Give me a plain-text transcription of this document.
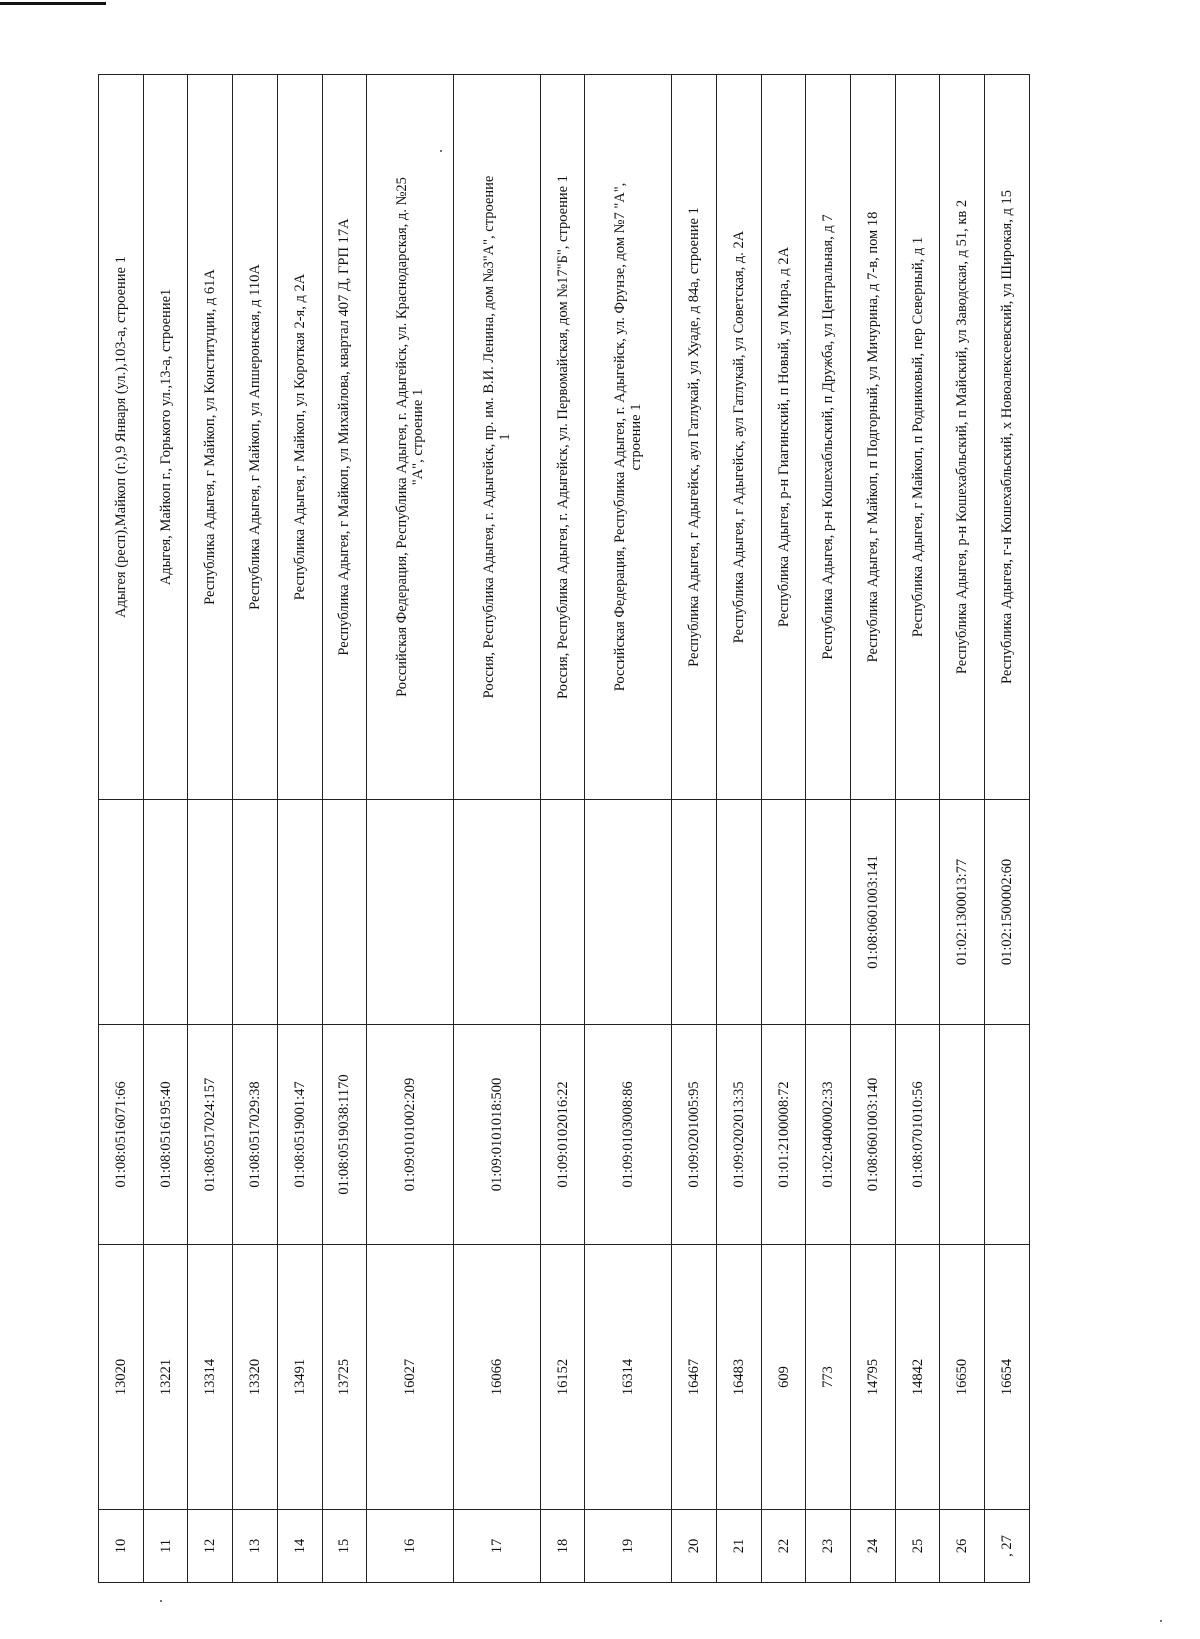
10	13020	01:08:0516071:66		Адыгея (респ),Майкоп (г.),9 Января (ул.),103-а, строение 1
11	13221	01:08:0516195:40		Адыгея, Майкоп г., Горького ул.,13-а, строение1
12	13314	01:08:0517024:157		Республика Адыгея, г Майкоп, ул Конституции, д 61А
13	13320	01:08:0517029:38		Республика Адыгея, г Майкоп, ул Апшеронская, д 110А
14	13491	01:08:0519001:47		Республика Адыгея, г Майкоп, ул Короткая 2-я, д 2А
15	13725	01:08:0519038:1170		Республика Адыгея, г Майкоп, ул Михайлова, квартал 407 Д, ГРП 17А
16	16027	01:09:0101002:209		Российская Федерация, Республика Адыгея, г. Адыгейск, ул. Краснодарская, д. №25
"А", строение 1
17	16066	01:09:0101018:500		Россия, Республика Адыгея, г. Адыгейск, пр. им. В.И. Ленина, дом №3"А", строение
1
18	16152	01:09:0102016:22		Россия, Республика Адыгея, г. Адыгейск, ул. Первомайская, дом №17"Б", строение 1
19	16314	01:09:0103008:86		Российская Федерация, Республика Адыгея, г. Адыгейск, ул. Фрунзе, дом №7 "А",
строение 1
20	16467	01:09:0201005:95		Республика Адыгея, г Адыгейск, аул Гатлукай, ул Хуаде, д 84а, строение 1
21	16483	01:09:0202013:35		Республика Адыгея, г Адыгейск, аул Гатлукай, ул Советская, д. 2А
22	609	01:01:2100008:72		Республика Адыгея, р-н Гиагинский, п Новый, ул Мира, д 2А
23	773	01:02:0400002:33		Республика Адыгея, р-н Кошехабльский, п Дружба, ул Центральная, д 7
24	14795	01:08:0601003:140	01:08:0601003:141	Республика Адыгея, г Майкоп, п Подгорный, ул Мичурина, д 7-в, пом 18
25	14842	01:08:0701010:56		Республика Адыгея, г Майкоп, п Родниковый, пер Северный, д 1
26	16650		01:02:1300013:77	Республика Адыгея, р-н Кошехабльский, п Майский, ул Заводская, д 51, кв 2
, 27	16654		01:02:1500002:60	Республика Адыгея, г-н Кошехабльский, х Новоалексеевский, ул Широкая, д 15
